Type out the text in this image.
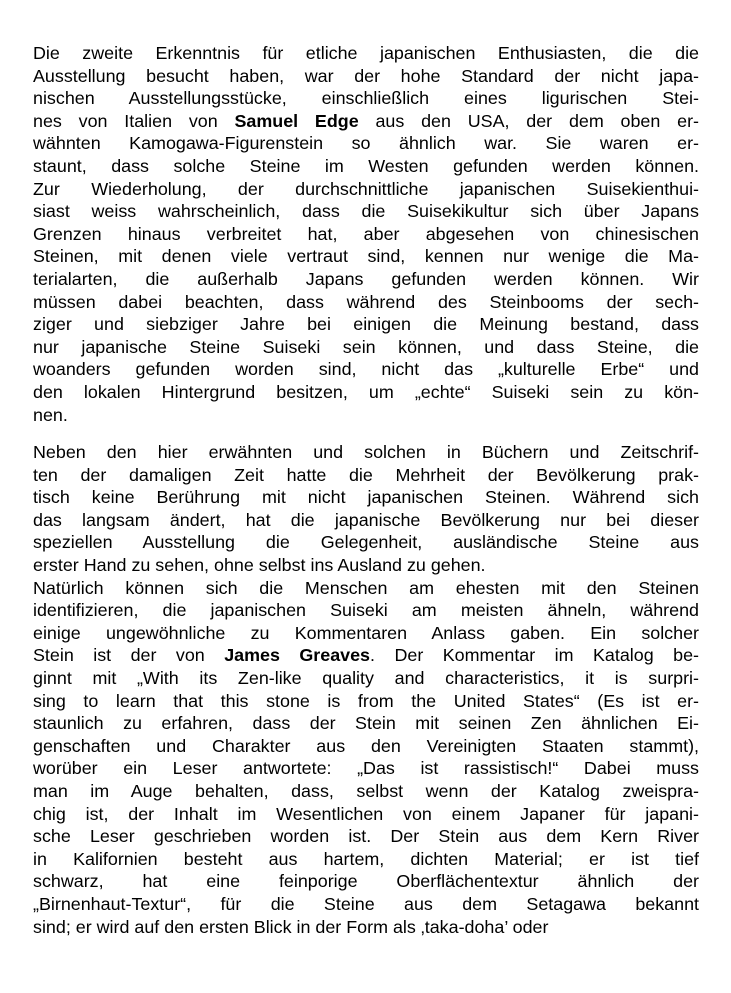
Die zweite Erkenntnis für etliche japanischen Enthusiasten, die die
Ausstellung besucht haben, war der hohe Standard der nicht japa-
nischen Ausstellungsstücke, einschließlich eines ligurischen Stei-
nes von Italien von Samuel Edge aus den USA, der dem oben er-
wähnten Kamogawa-Figurenstein so ähnlich war. Sie waren er-
staunt, dass solche Steine im Westen gefunden werden können.
Zur Wiederholung, der durchschnittliche japanischen Suisekienthui-
siast weiss wahrscheinlich, dass die Suisekikultur sich über Japans
Grenzen hinaus verbreitet hat, aber abgesehen von chinesischen
Steinen, mit denen viele vertraut sind, kennen nur wenige die Ma-
terialarten, die außerhalb Japans gefunden werden können. Wir
müssen dabei beachten, dass während des Steinbooms der sech-
ziger und siebziger Jahre bei einigen die Meinung bestand, dass
nur japanische Steine Suiseki sein können, und dass Steine, die
woanders gefunden worden sind, nicht das „kulturelle Erbe“ und
den lokalen Hintergrund besitzen, um „echte“ Suiseki sein zu kön-
nen.
Neben den hier erwähnten und solchen in Büchern und Zeitschrif-
ten der damaligen Zeit hatte die Mehrheit der Bevölkerung prak-
tisch keine Berührung mit nicht japanischen Steinen. Während sich
das langsam ändert, hat die japanische Bevölkerung nur bei dieser
speziellen Ausstellung die Gelegenheit, ausländische Steine aus
erster Hand zu sehen, ohne selbst ins Ausland zu gehen.
Natürlich können sich die Menschen am ehesten mit den Steinen
identifizieren, die japanischen Suiseki am meisten ähneln, während
einige ungewöhnliche zu Kommentaren Anlass gaben. Ein solcher
Stein ist der von James Greaves. Der Kommentar im Katalog be-
ginnt mit „With its Zen-like quality and characteristics, it is surpri-
sing to learn that this stone is from the United States“ (Es ist er-
staunlich zu erfahren, dass der Stein mit seinen Zen ähnlichen Ei-
genschaften und Charakter aus den Vereinigten Staaten stammt),
worüber ein Leser antwortete: „Das ist rassistisch!“ Dabei muss
man im Auge behalten, dass, selbst wenn der Katalog zweispra-
chig ist, der Inhalt im Wesentlichen von einem Japaner für japani-
sche Leser geschrieben worden ist. Der Stein aus dem Kern River
in Kalifornien besteht aus hartem, dichten Material; er ist tief
schwarz, hat eine feinporige Oberflächentextur ähnlich der
„Birnenhaut-Textur“, für die Steine aus dem Setagawa bekannt
sind; er wird auf den ersten Blick in der Form als ‚taka-doha’ oder
